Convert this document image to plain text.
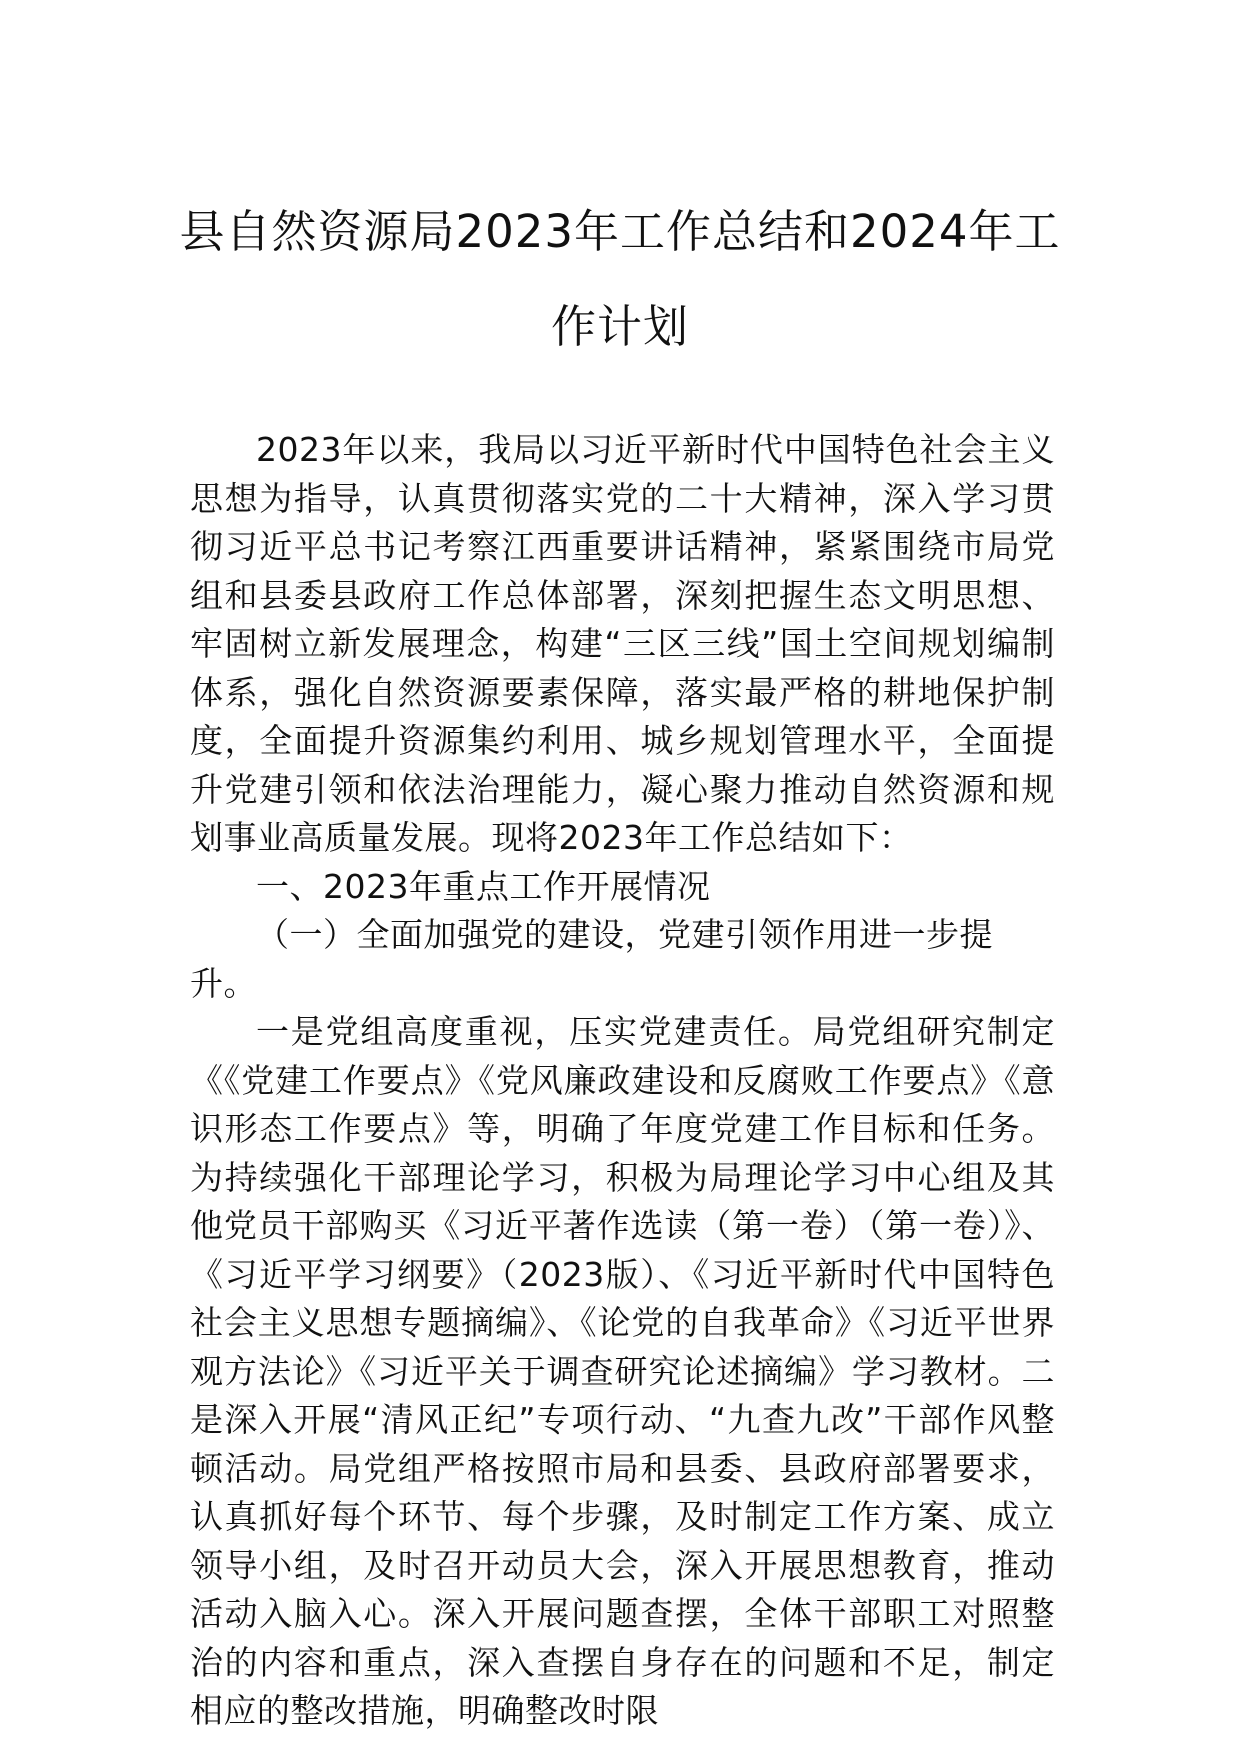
县自然资源局2023年工作总结和2024年工作计划

2023年以来，我局以习近平新时代中国特色社会主义思想为指导，认真贯彻落实党的二十大精神，深入学习贯彻习近平总书记考察江西重要讲话精神，紧紧围绕市局党组和县委县政府工作总体部署，深刻把握生态文明思想、牢固树立新发展理念，构建“三区三线”国土空间规划编制体系，强化自然资源要素保障，落实最严格的耕地保护制度，全面提升资源集约利用、城乡规划管理水平，全面提升党建引领和依法治理能力，凝心聚力推动自然资源和规划事业高质量发展。现将2023年工作总结如下：

一、2023年重点工作开展情况

（一）全面加强党的建设，党建引领作用进一步提升。

一是党组高度重视，压实党建责任。局党组研究制定《《党建工作要点》《党风廉政建设和反腐败工作要点》《意识形态工作要点》等，明确了年度党建工作目标和任务。为持续强化干部理论学习，积极为局理论学习中心组及其他党员干部购买《习近平著作选读（第一卷）（第一卷）》、《习近平学习纲要》（2023版）、《习近平新时代中国特色社会主义思想专题摘编》、《论党的自我革命》《习近平世界观方法论》《习近平关于调查研究论述摘编》学习教材。二是深入开展“清风正纪”专项行动、“九查九改”干部作风整顿活动。局党组严格按照市局和县委、县政府部署要求，认真抓好每个环节、每个步骤，及时制定工作方案、成立领导小组，及时召开动员大会，深入开展思想教育，推动活动入脑入心。深入开展问题查摆，全体干部职工对照整治的内容和重点，深入查摆自身存在的问题和不足，制定相应的整改措施，明确整改时限
